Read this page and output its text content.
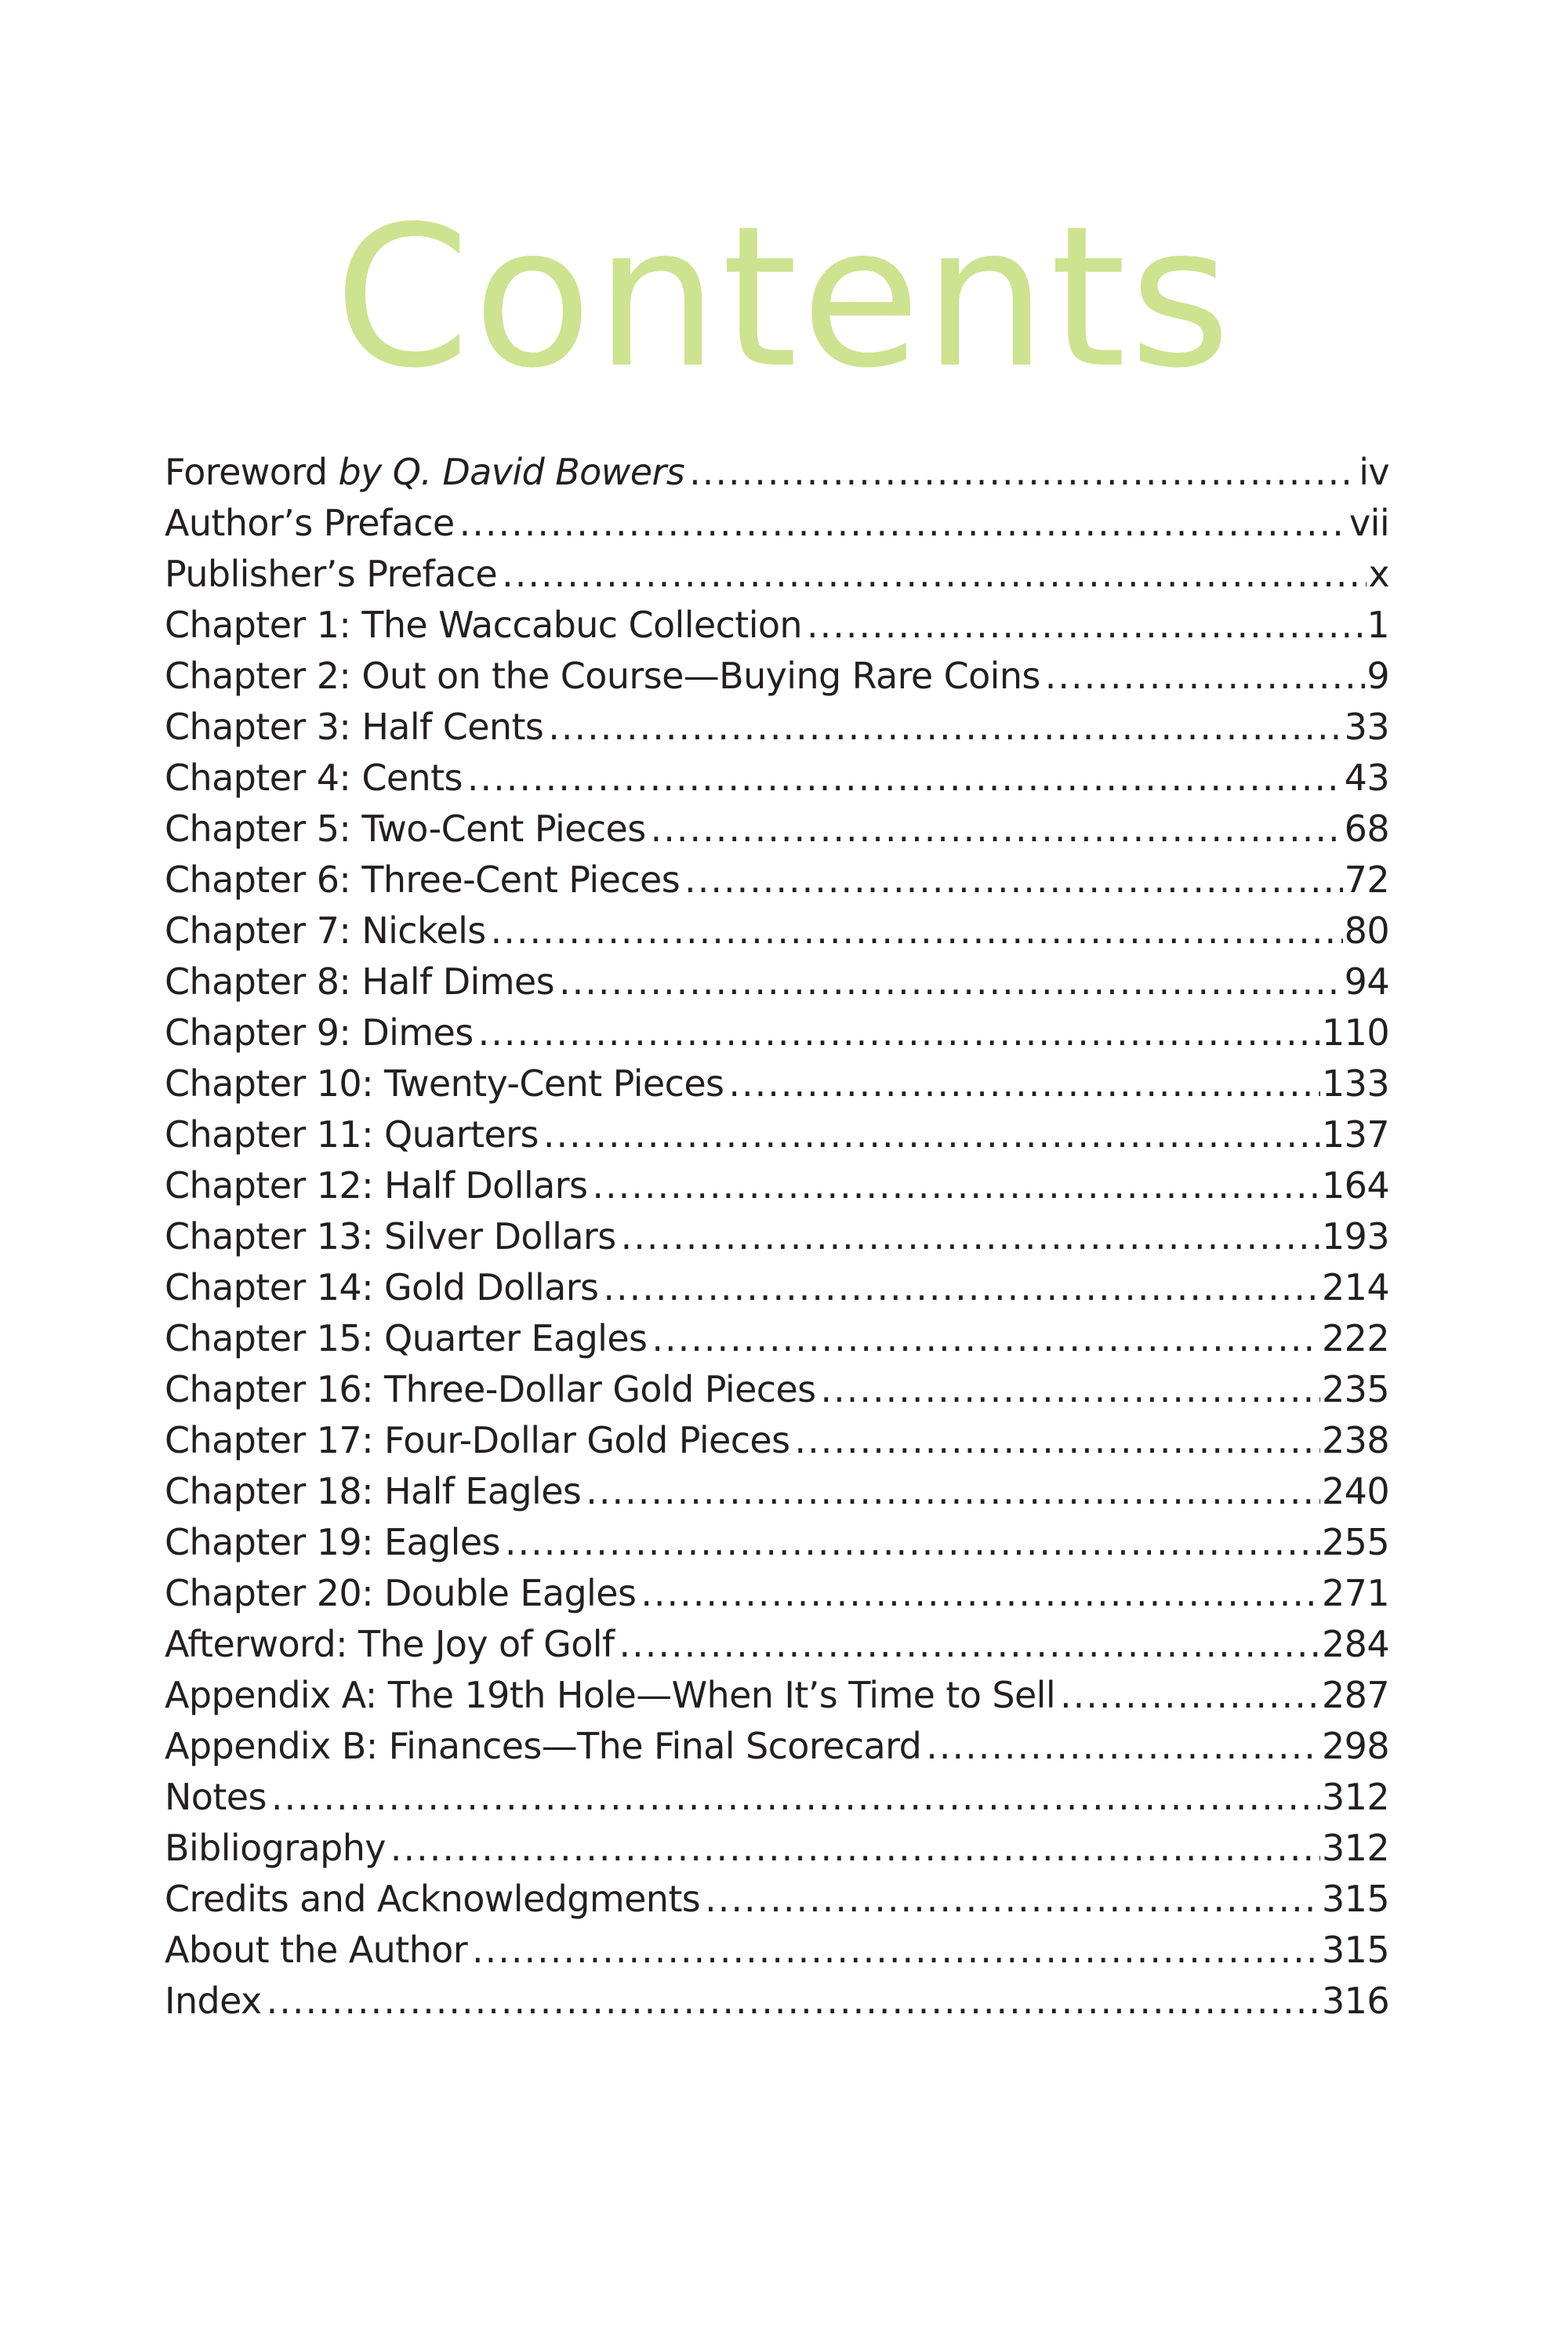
Contents
Foreword by Q. David Bowers .....	iv
Author’s Preface .....	vii
Publisher’s Preface .....	x
Chapter 1: The Waccabuc Collection .....	1
Chapter 2: Out on the Course—Buying Rare Coins .....	9
Chapter 3: Half Cents .....	33
Chapter 4: Cents .....	43
Chapter 5: Two-Cent Pieces .....	68
Chapter 6: Three-Cent Pieces .....	72
Chapter 7: Nickels .....	80
Chapter 8: Half Dimes .....	94
Chapter 9: Dimes .....	110
Chapter 10: Twenty-Cent Pieces .....	133
Chapter 11: Quarters .....	137
Chapter 12: Half Dollars .....	164
Chapter 13: Silver Dollars .....	193
Chapter 14: Gold Dollars .....	214
Chapter 15: Quarter Eagles .....	222
Chapter 16: Three-Dollar Gold Pieces .....	235
Chapter 17: Four-Dollar Gold Pieces .....	238
Chapter 18: Half Eagles .....	240
Chapter 19: Eagles .....	255
Chapter 20: Double Eagles .....	271
Afterword: The Joy of Golf .....	284
Appendix A: The 19th Hole—When It’s Time to Sell .....	287
Appendix B: Finances—The Final Scorecard .....	298
Notes .....	312
Bibliography .....	312
Credits and Acknowledgments .....	315
About the Author .....	315
Index .....	316
